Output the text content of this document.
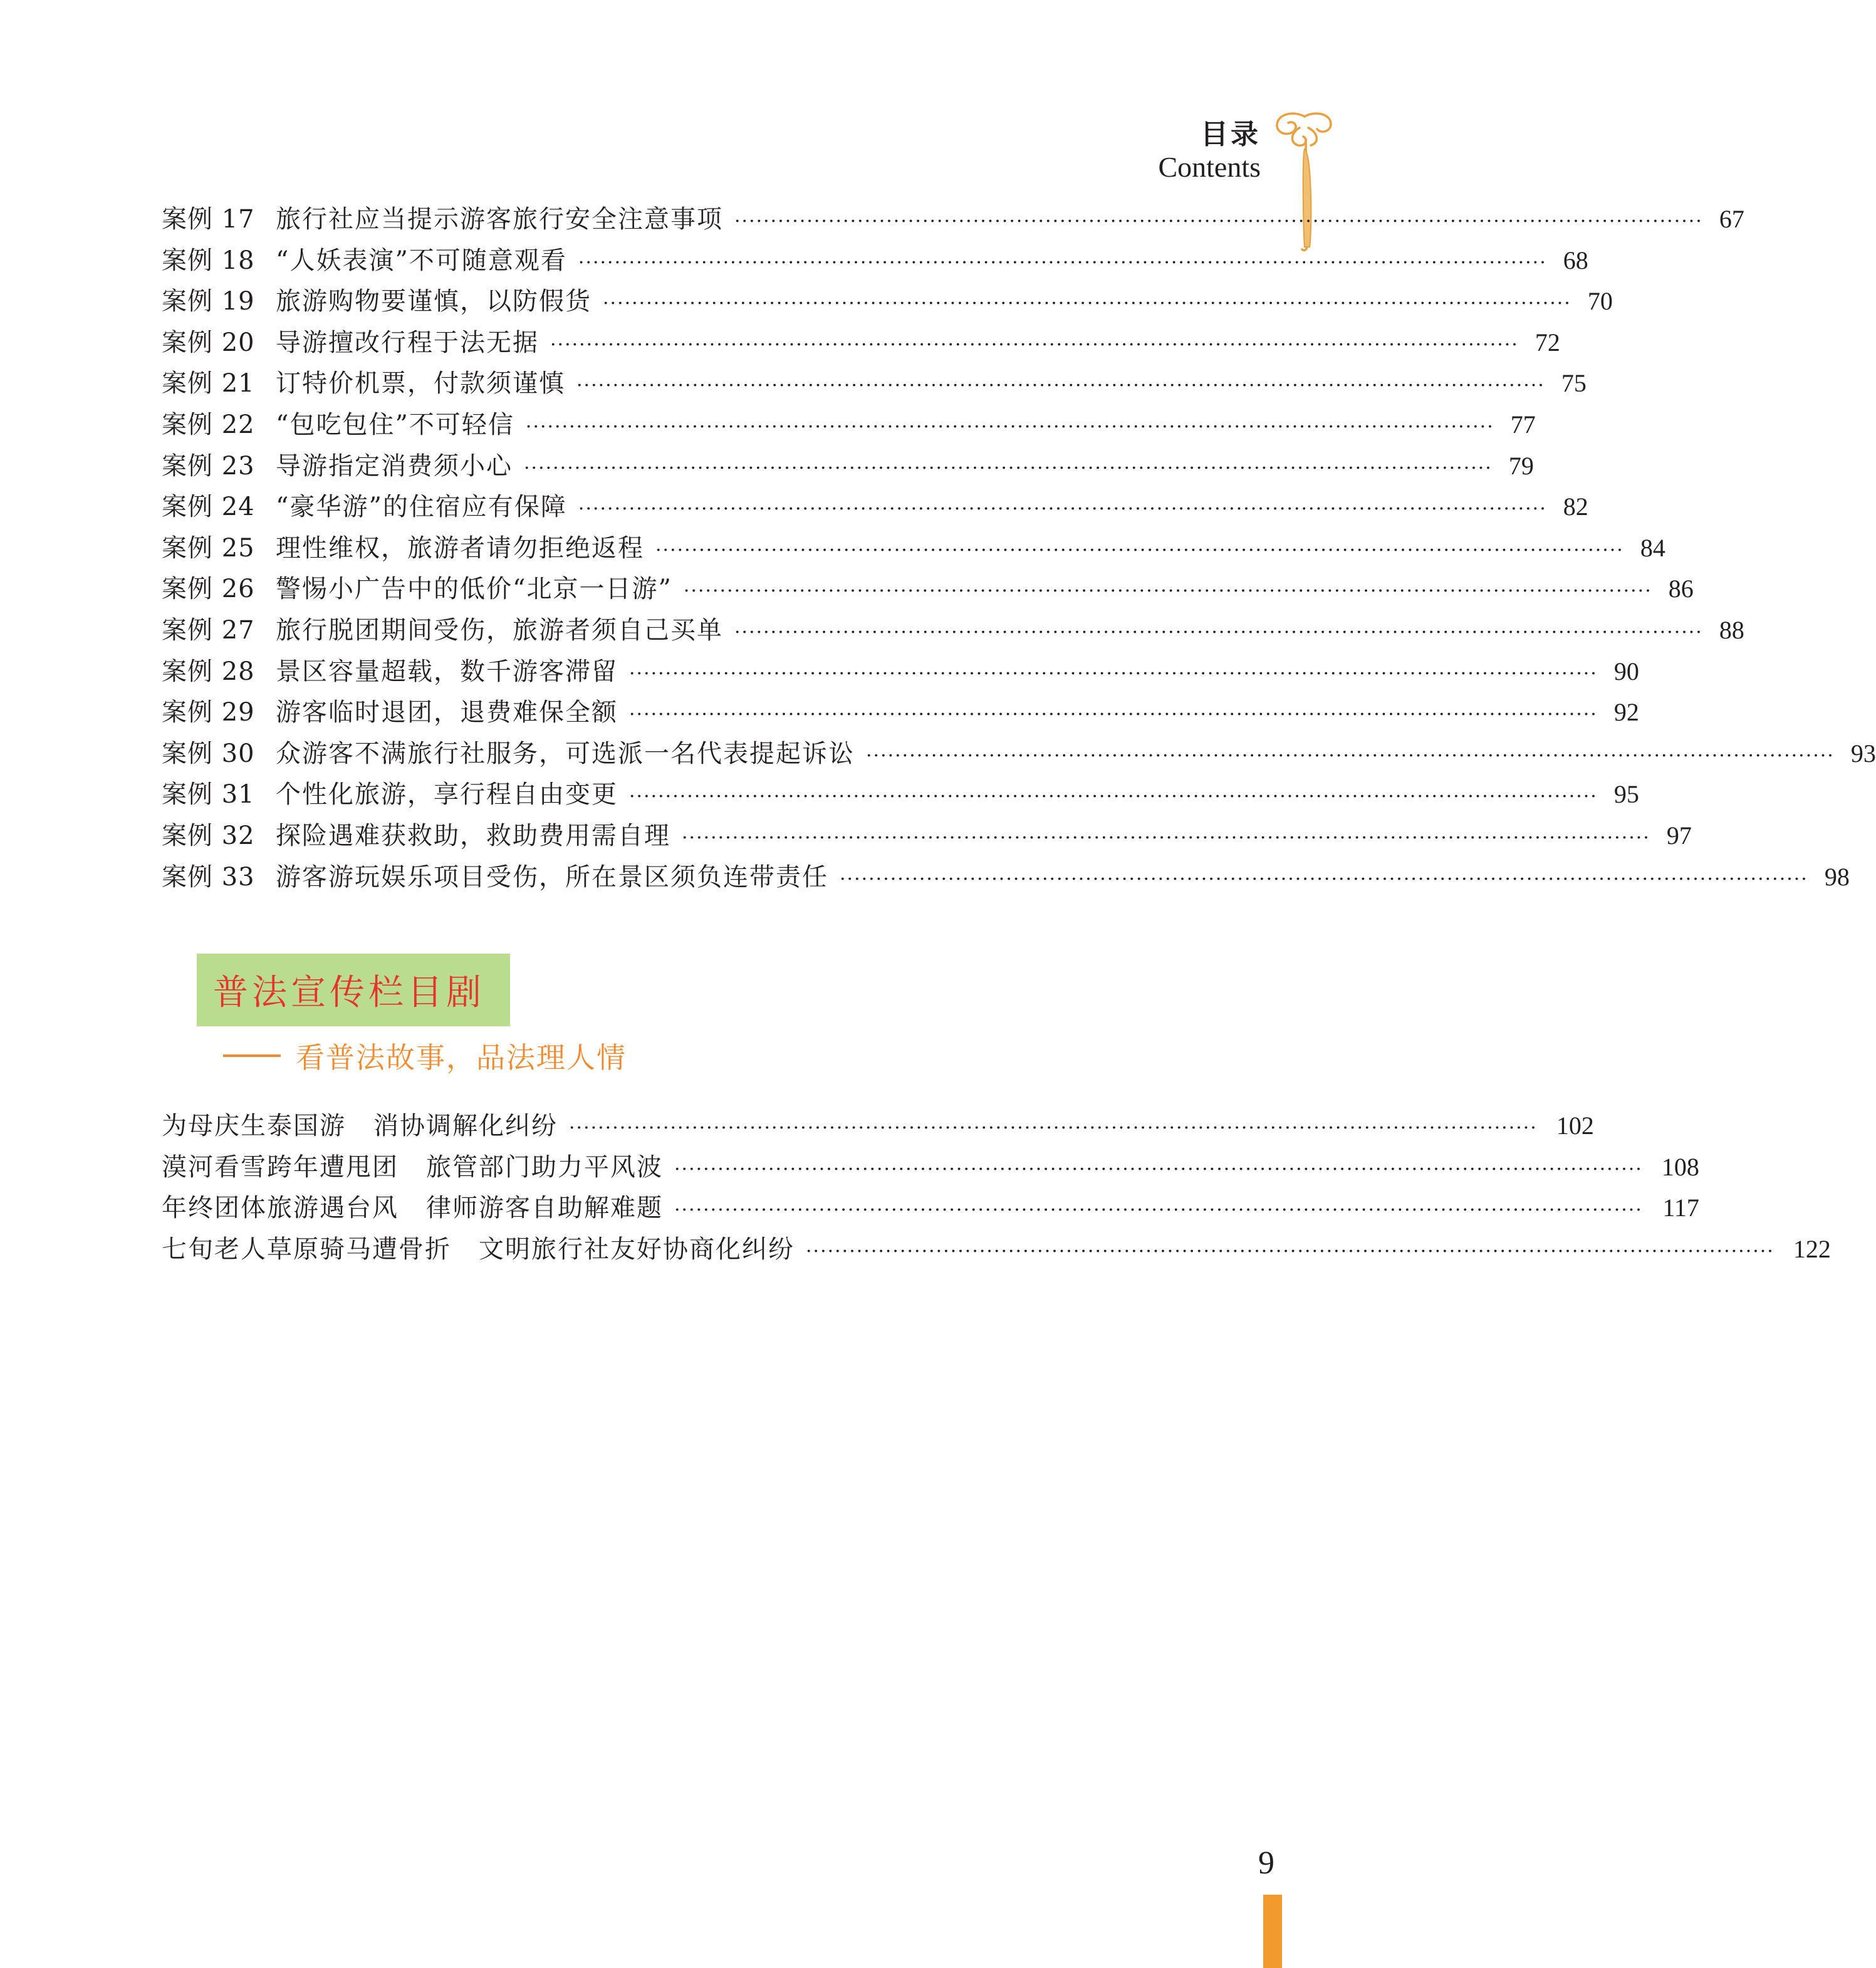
目录
Contents
案例 17 旅行社应当提示游客旅行安全注意事项 ······································································································································ 67
案例 18 “人妖表演”不可随意观看 ······································································································································ 68
案例 19 旅游购物要谨慎，以防假货 ······································································································································ 70
案例 20 导游擅改行程于法无据 ······································································································································ 72
案例 21 订特价机票，付款须谨慎 ······································································································································ 75
案例 22 “包吃包住”不可轻信 ······································································································································ 77
案例 23 导游指定消费须小心 ······································································································································ 79
案例 24 “豪华游”的住宿应有保障 ······································································································································ 82
案例 25 理性维权，旅游者请勿拒绝返程 ······································································································································ 84
案例 26 警惕小广告中的低价“北京一日游” ······································································································································ 86
案例 27 旅行脱团期间受伤，旅游者须自己买单 ······································································································································ 88
案例 28 景区容量超载，数千游客滞留 ······································································································································ 90
案例 29 游客临时退团，退费难保全额 ······································································································································ 92
案例 30 众游客不满旅行社服务，可选派一名代表提起诉讼 ······································································································································ 93
案例 31 个性化旅游，享行程自由变更 ······································································································································ 95
案例 32 探险遇难获救助，救助费用需自理 ······································································································································ 97
案例 33 游客游玩娱乐项目受伤，所在景区须负连带责任 ······································································································································ 98
普法宣传栏目剧
看普法故事，品法理人情
为母庆生泰国游 消协调解化纠纷 ······································································································································ 102
漠河看雪跨年遭甩团 旅管部门助力平风波 ······································································································································ 108
年终团体旅游遇台风 律师游客自助解难题 ······································································································································ 117
七旬老人草原骑马遭骨折 文明旅行社友好协商化纠纷 ······································································································································ 122
9
